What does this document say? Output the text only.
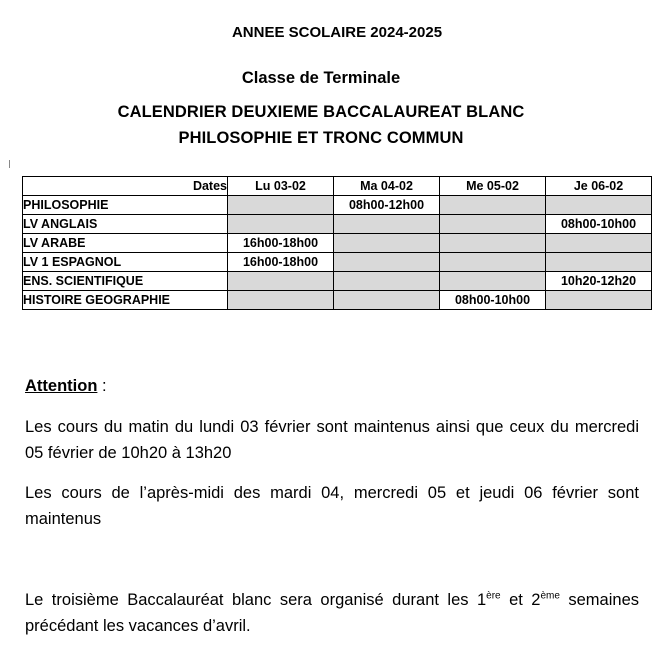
ANNEE SCOLAIRE 2024-2025
Classe de Terminale
CALENDRIER DEUXIEME BACCALAUREAT BLANC
PHILOSOPHIE ET TRONC COMMUN
Dates	Lu 03-02	Ma 04-02	Me 05-02	Je 06-02
PHILOSOPHIE		08h00-12h00		
LV ANGLAIS				08h00-10h00
LV ARABE	16h00-18h00			
LV 1 ESPAGNOL	16h00-18h00			
ENS. SCIENTIFIQUE				10h20-12h20
HISTOIRE GEOGRAPHIE			08h00-10h00	
Attention :
Les cours du matin du lundi 03 février sont maintenus ainsi que ceux du mercredi 05 février de 10h20 à 13h20
Les cours de l’après-midi des mardi 04, mercredi 05 et jeudi 06 février sont maintenus
Le troisième Baccalauréat blanc sera organisé durant les 1ère et 2ème semaines précédant les vacances d’avril.
